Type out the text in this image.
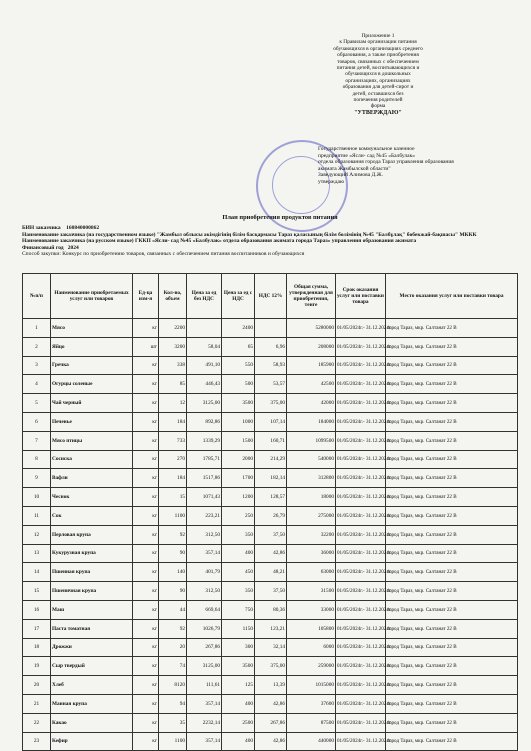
Приложение 1
к Правилам организации питания
обучающихся в организациях среднего
образования, а также приобретения
товаров, связанных с обеспечением
питания детей, воспитывающихся и
обучающихся в дошкольных
организациях, организациях
образования для детей-сирот и
детей, оставшихся без
попечения родителей
форма
"УТВЕРЖДАЮ"
Государственное коммунальное казенное
предприятие «Ясли- сад №45 «Балбулак»
отдела образования города Тараз управления образования
акимата Жамбылской области"
Заведующий Алимова Д.Ж.
утверждаю
План приобретения продуктов питания
БИН заказчика 160840000862
Наименование заказчика (на государственном языке) "Жамбыл облысы әкімдігінің білім басқармасы Тараз қаласының білім бөлімінің №45 "Балбұлақ" бөбекжай-бақшасы" МККК
Наименование заказчика (на русском языке) ГККП «Ясли- сад №45 «Балбулак» отдела образования акимата города Тараз» управления образования акимата
Финансовый год 2024
Способ закупки: Конкурс по приобретению товаров, связанных с обеспечением питания воспитанников и обучающихся
№п/п	Наименование приобретаемых услуг или товаров	Ед-ца изм-я	Кол-во, объем	Цена за ед без НДС	Цена за ед с НДС	НДС 12%	Общая сумма, утвержденная для приобретения, тенге	Срок оказания услуг или поставки товара	Место оказания услуг или поставки товара
1	Мясо	кг	2200		2400		5280000	01/05/2024г.- 31.12.2024г.	город Тараз, мкр. Салтанат 22 В
2	Яйцо	шт	3200	58,04	65	6,96	208000	01/05/2024г.- 31.12.2024г.	город Тараз, мкр. Салтанат 22 В
3	Гречка	кг	338	491,10	550	58,93	185900	01/05/2024г.- 31.12.2024г.	город Тараз, мкр. Салтанат 22 В
4	Огурцы соленые	кг	85	446,43	500	53,57	42500	01/05/2024г.- 31.12.2024г.	город Тараз, мкр. Салтанат 22 В
5	Чай черный	кг	12	3125,00	3500	375,00	42000	01/05/2024г.- 31.12.2024г.	город Тараз, мкр. Салтанат 22 В
6	Печенье	кг	184	892,86	1000	107,14	184000	01/05/2024г.- 31.12.2024г.	город Тараз, мкр. Салтанат 22 В
7	Мясо птицы	кг	733	1339,29	1500	160,71	1099500	01/05/2024г.- 31.12.2024г.	город Тараз, мкр. Салтанат 22 В
8	Сосиска	кг	270	1785,71	2000	214,29	540000	01/05/2024г.- 31.12.2024г.	город Тараз, мкр. Салтанат 22 В
9	Вафли	кг	184	1517,86	1700	182,14	312800	01/05/2024г.- 31.12.2024г.	город Тараз, мкр. Салтанат 22 В
10	Чеснок	кг	15	1071,43	1200	128,57	18000	01/05/2024г.- 31.12.2024г.	город Тараз, мкр. Салтанат 22 В
11	Сок	кг	1100	223,21	250	26,79	275000	01/05/2024г.- 31.12.2024г.	город Тараз, мкр. Салтанат 22 В
12	Перловая крупа	кг	92	312,50	350	37,50	32200	01/05/2024г.- 31.12.2024г.	город Тараз, мкр. Салтанат 22 В
13	Кукурузная крупа	кг	90	357,14	400	42,86	36000	01/05/2024г.- 31.12.2024г.	город Тараз, мкр. Салтанат 22 В
14	Пшенная крупа	кг	140	401,79	450	48,21	63000	01/05/2024г.- 31.12.2024г.	город Тараз, мкр. Салтанат 22 В
15	Пшеничная крупа	кг	90	312,50	350	37,50	31500	01/05/2024г.- 31.12.2024г.	город Тараз, мкр. Салтанат 22 В
16	Маш	кг	44	669,64	750	80,36	33000	01/05/2024г.- 31.12.2024г.	город Тараз, мкр. Салтанат 22 В
17	Паста томатная	кг	92	1026,79	1150	123,21	105800	01/05/2024г.- 31.12.2024г.	город Тараз, мкр. Салтанат 22 В
18	Дрожжи	кг	20	267,86	300	32,14	6000	01/05/2024г.- 31.12.2024г.	город Тараз, мкр. Салтанат 22 В
19	Сыр твердый	кг	74	3125,00	3500	375,00	259000	01/05/2024г.- 31.12.2024г.	город Тараз, мкр. Салтанат 22 В
20	Хлеб	кг	8120	111,61	125	13,39	1015000	01/05/2024г.- 31.12.2024г.	город Тараз, мкр. Салтанат 22 В
21	Манная крупа	кг	94	357,14	400	42,86	37600	01/05/2024г.- 31.12.2024г.	город Тараз, мкр. Салтанат 22 В
22	Какао	кг	35	2232,14	2500	267,86	87500	01/05/2024г.- 31.12.2024г.	город Тараз, мкр. Салтанат 22 В
23	Кефир	кг	1100	357,14	400	42,86	440000	01/05/2024г.- 31.12.2024г.	город Тараз, мкр. Салтанат 22 В
